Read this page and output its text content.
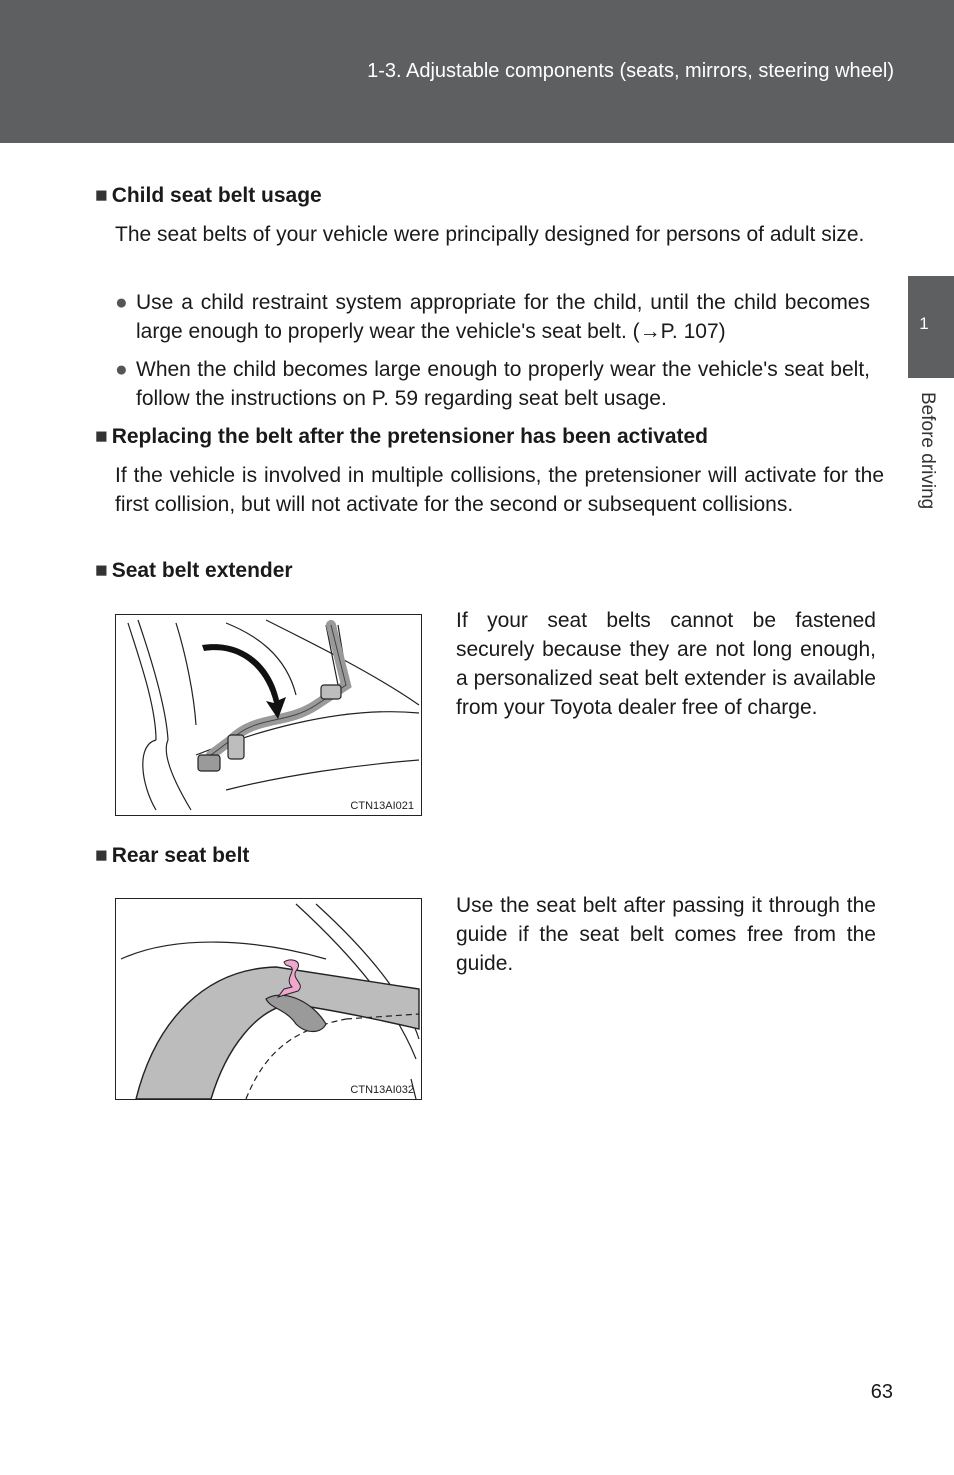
1-3. Adjustable components (seats, mirrors, steering wheel)
1
Before driving
■ Child seat belt usage
The seat belts of your vehicle were principally designed for persons of adult size.
● Use a child restraint system appropriate for the child, until the child becomes large enough to properly wear the vehicle's seat belt. (→P. 107)
● When the child becomes large enough to properly wear the vehicle's seat belt, follow the instructions on P. 59 regarding seat belt usage.
■ Replacing the belt after the pretensioner has been activated
If the vehicle is involved in multiple collisions, the pretensioner will activate for the first collision, but will not activate for the second or subsequent collisions.
■ Seat belt extender
CTN13AI021
If your seat belts cannot be fastened securely because they are not long enough, a personalized seat belt extender is available from your Toyota dealer free of charge.
■ Rear seat belt
CTN13AI032
Use the seat belt after passing it through the guide if the seat belt comes free from the guide.
63
